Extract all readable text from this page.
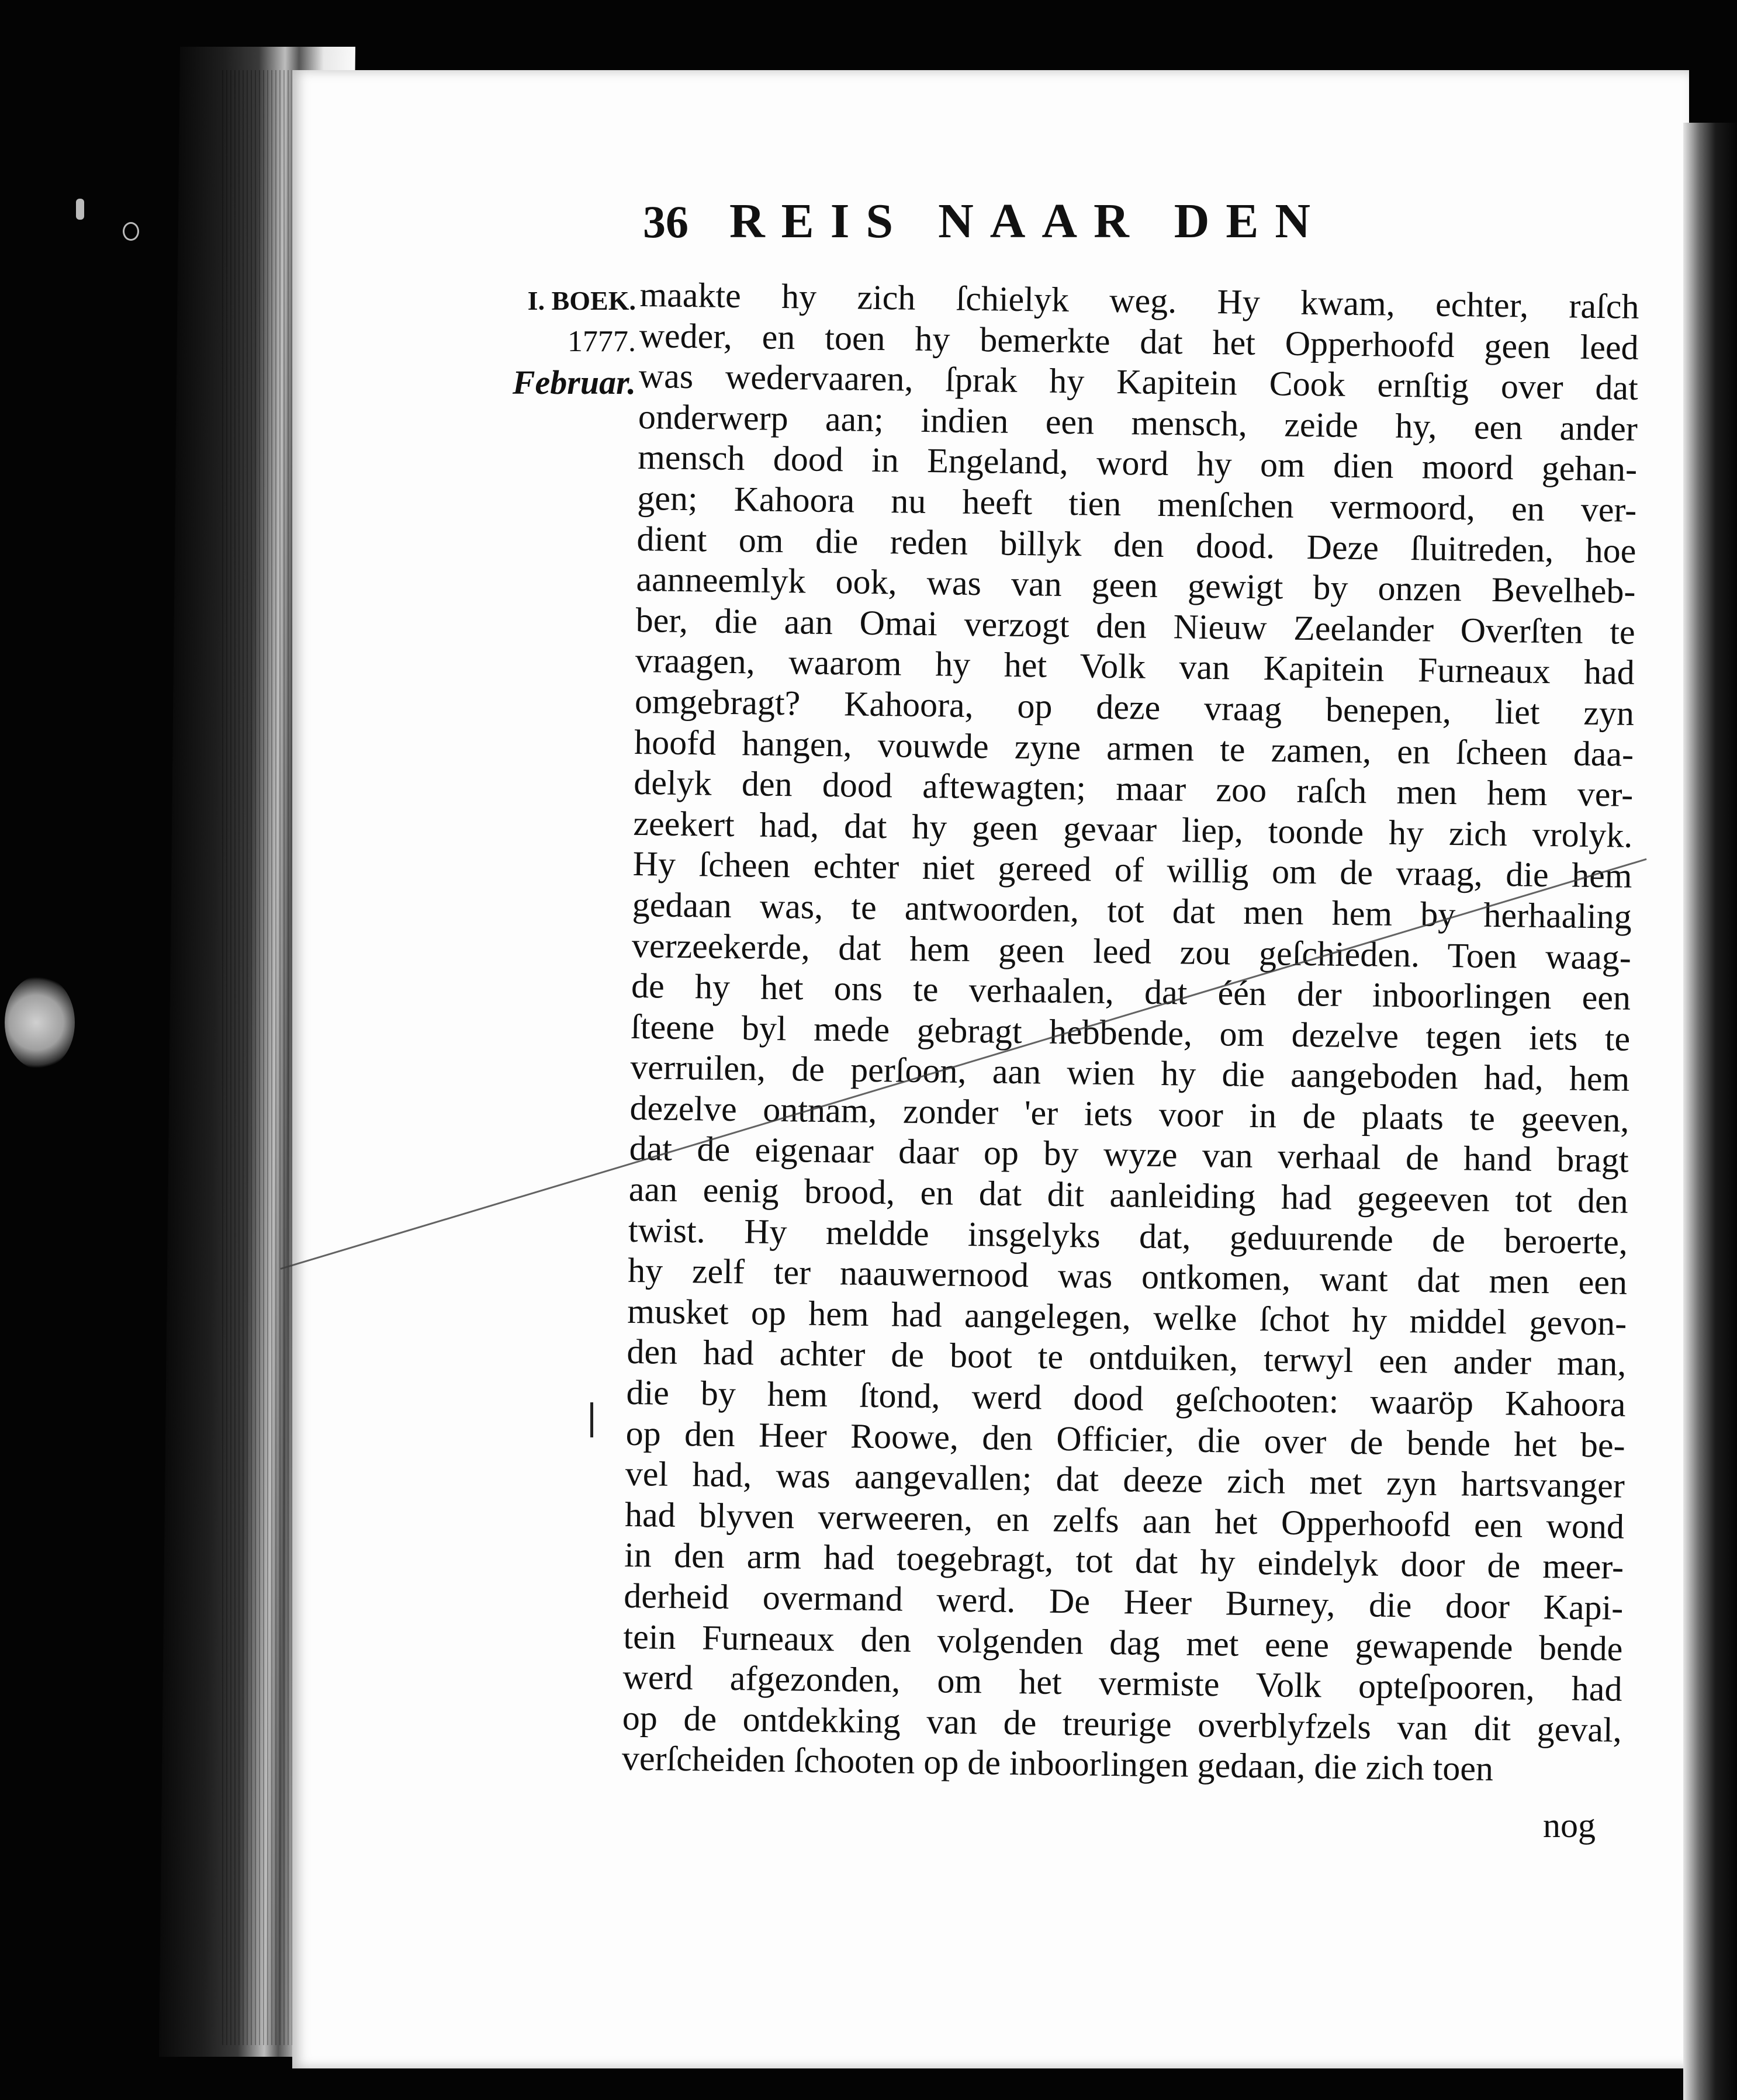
36 REIS NAAR DEN
I. BOEK.
1777.
Februar.
maakte hy zich ſchielyk weg. Hy kwam, echter, raſch
weder, en toen hy bemerkte dat het Opperhoofd geen leed
was wedervaaren, ſprak hy Kapitein Cook ernſtig over dat
onderwerp aan; indien een mensch, zeide hy, een ander
mensch dood in Engeland, word hy om dien moord gehan-
gen; Kahoora nu heeft tien menſchen vermoord, en ver-
dient om die reden billyk den dood. Deze ſluitreden, hoe
aanneemlyk ook, was van geen gewigt by onzen Bevelheb-
ber, die aan Omai verzogt den Nieuw Zeelander Overſten te
vraagen, waarom hy het Volk van Kapitein Furneaux had
omgebragt? Kahoora, op deze vraag benepen, liet zyn
hoofd hangen, vouwde zyne armen te zamen, en ſcheen daa-
delyk den dood aftewagten; maar zoo raſch men hem ver-
zeekert had, dat hy geen gevaar liep, toonde hy zich vrolyk.
Hy ſcheen echter niet gereed of willig om de vraag, die hem
gedaan was, te antwoorden, tot dat men hem by herhaaling
verzeekerde, dat hem geen leed zou geſchieden. Toen waag-
de hy het ons te verhaalen, dat één der inboorlingen een
ſteene byl mede gebragt hebbende, om dezelve tegen iets te
verruilen, de perſoon, aan wien hy die aangeboden had, hem
dezelve ontnam, zonder 'er iets voor in de plaats te geeven,
dat de eigenaar daar op by wyze van verhaal de hand bragt
aan eenig brood, en dat dit aanleiding had gegeeven tot den
twist. Hy meldde insgelyks dat, geduurende de beroerte,
hy zelf ter naauwernood was ontkomen, want dat men een
musket op hem had aangelegen, welke ſchot hy middel gevon-
den had achter de boot te ontduiken, terwyl een ander man,
die by hem ſtond, werd dood geſchooten: waaröp Kahoora
op den Heer Roowe, den Officier, die over de bende het be-
vel had, was aangevallen; dat deeze zich met zyn hartsvanger
had blyven verweeren, en zelfs aan het Opperhoofd een wond
in den arm had toegebragt, tot dat hy eindelyk door de meer-
derheid overmand werd. De Heer Burney, die door Kapi-
tein Furneaux den volgenden dag met eene gewapende bende
werd afgezonden, om het vermiste Volk opteſpooren, had
op de ontdekking van de treurige overblyfzels van dit geval,
verſcheiden ſchooten op de inboorlingen gedaan, die zich toen
nog
